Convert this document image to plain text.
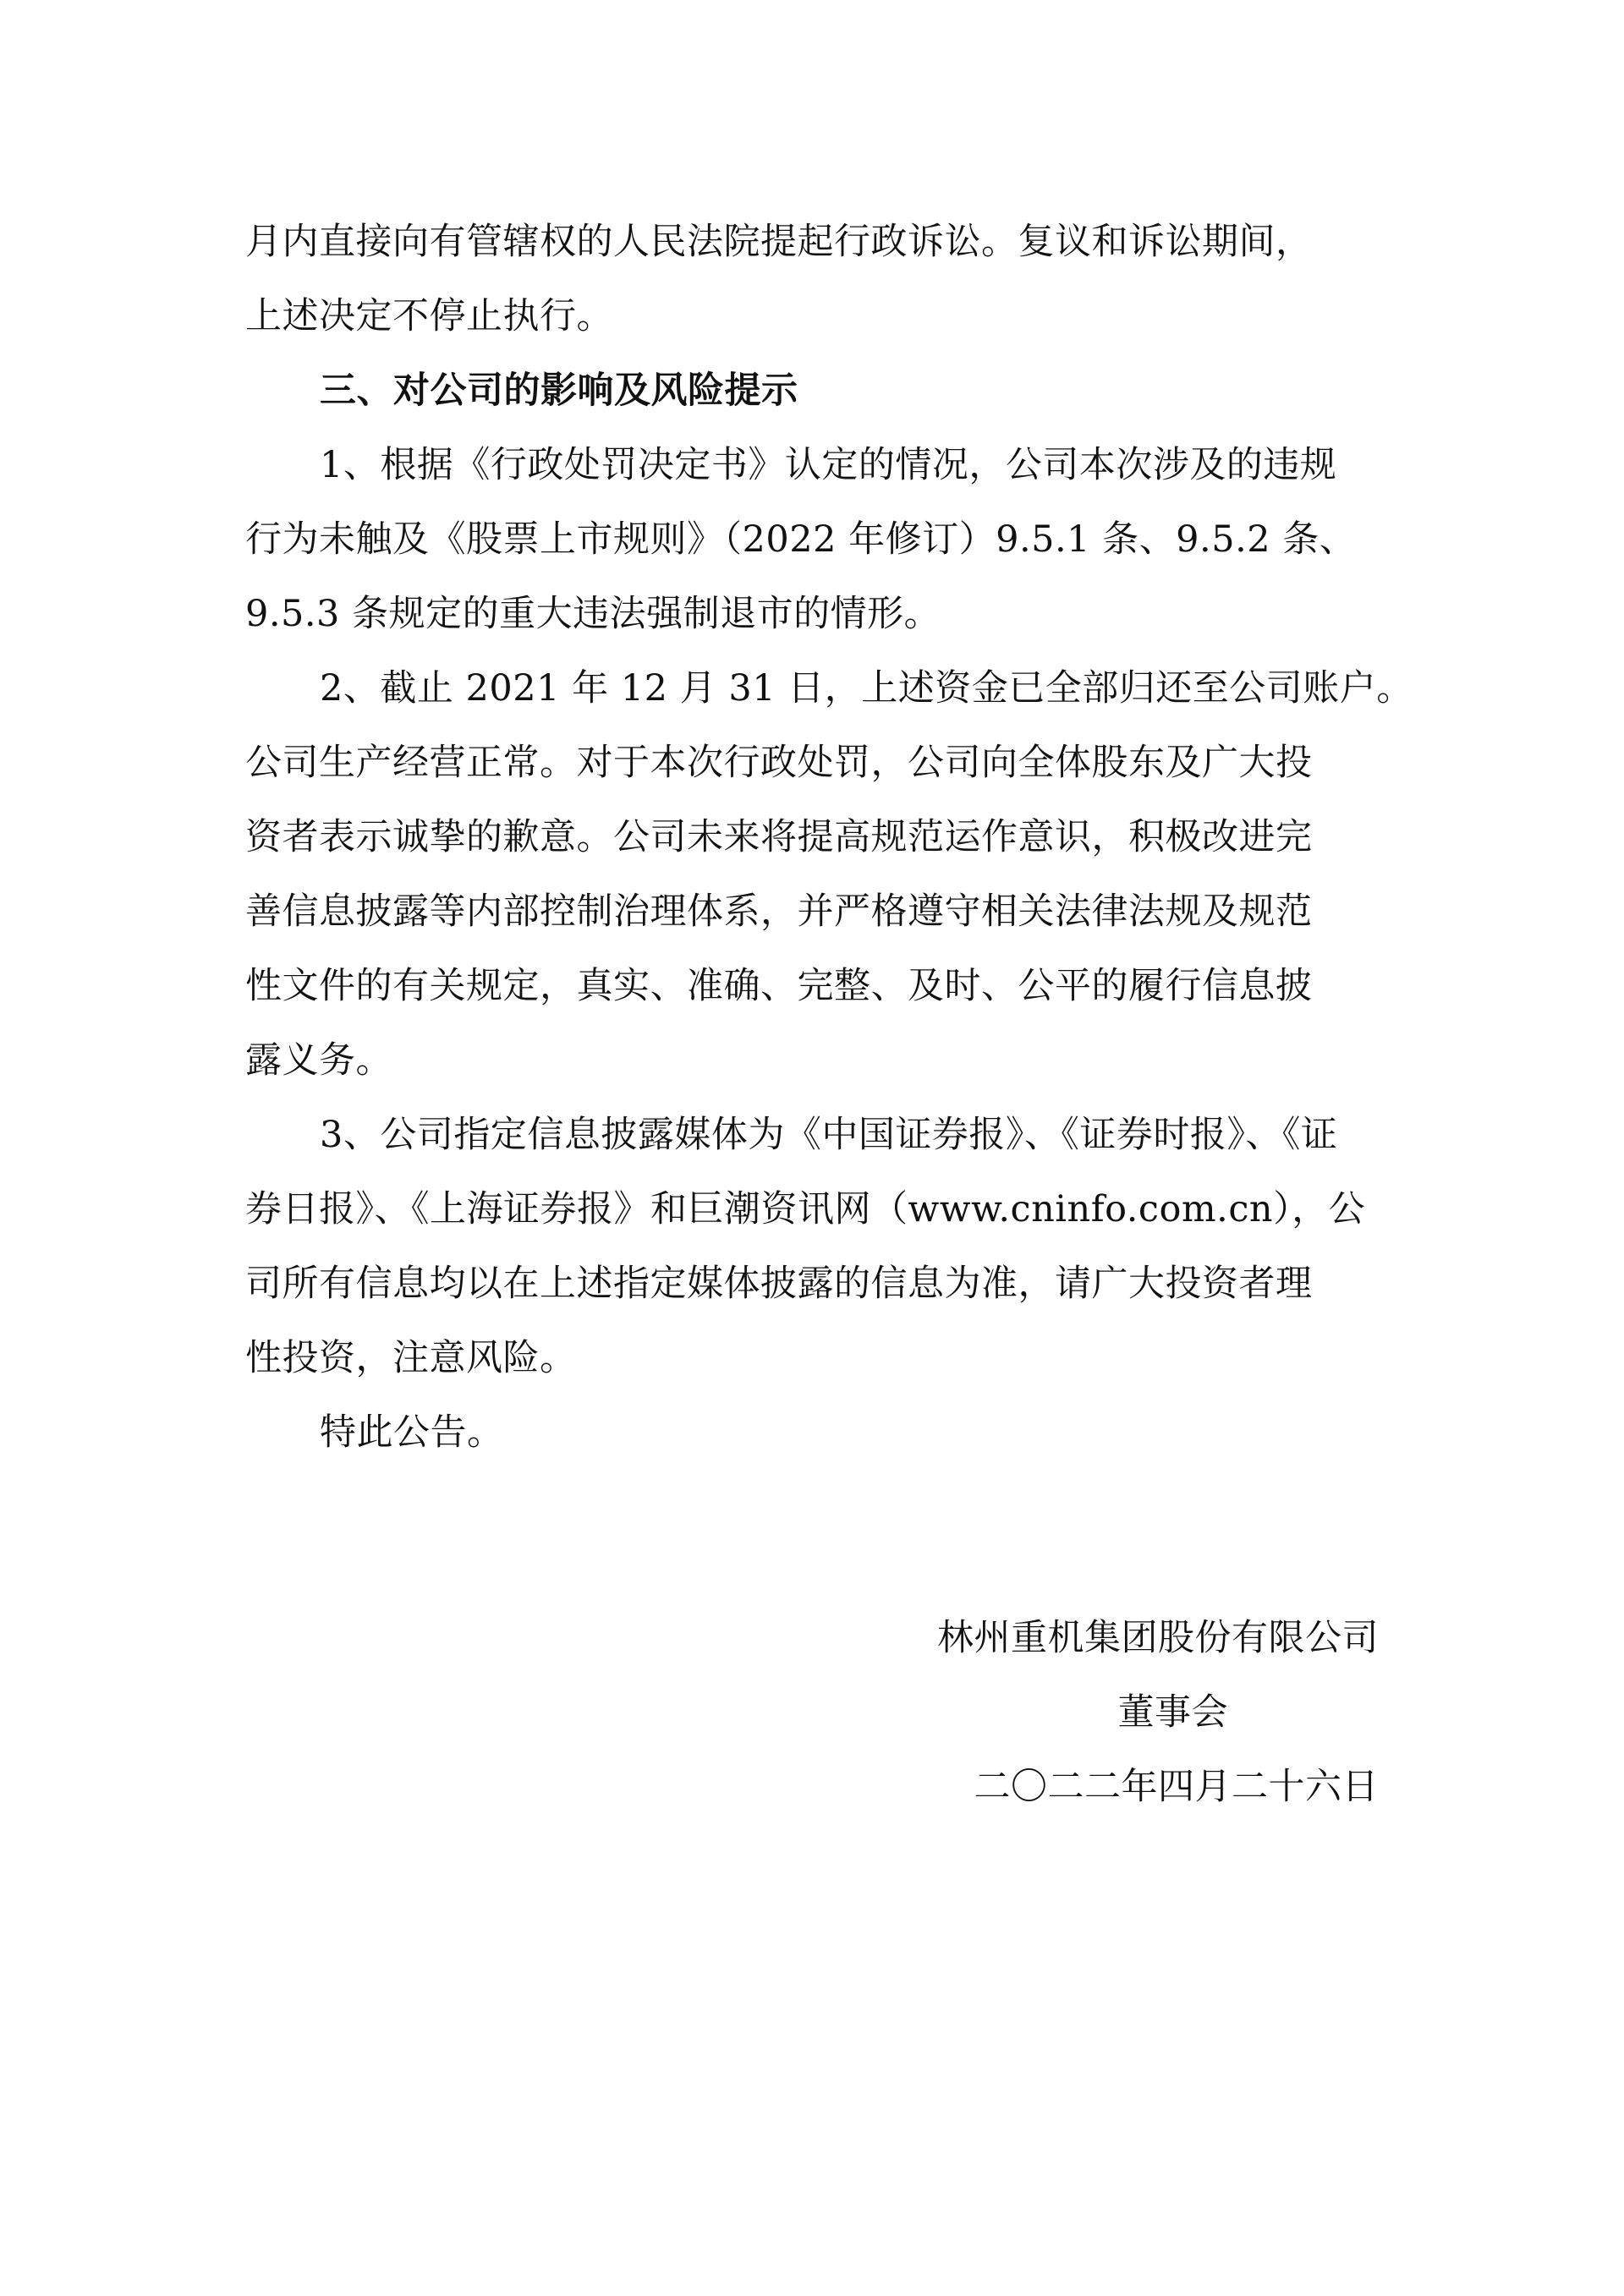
月内直接向有管辖权的人民法院提起行政诉讼。复议和诉讼期间，
上述决定不停止执行。
三、对公司的影响及风险提示
1、根据《行政处罚决定书》认定的情况，公司本次涉及的违规
行为未触及《股票上市规则》（2022 年修订）9.5.1 条、9.5.2 条、
9.5.3 条规定的重大违法强制退市的情形。
2、截止 2021 年 12 月 31 日，上述资金已全部归还至公司账户。
公司生产经营正常。对于本次行政处罚，公司向全体股东及广大投
资者表示诚挚的歉意。公司未来将提高规范运作意识，积极改进完
善信息披露等内部控制治理体系，并严格遵守相关法律法规及规范
性文件的有关规定，真实、准确、完整、及时、公平的履行信息披
露义务。
3、公司指定信息披露媒体为《中国证券报》、《证券时报》、《证
券日报》、《上海证券报》和巨潮资讯网（www.cninfo.com.cn），公
司所有信息均以在上述指定媒体披露的信息为准，请广大投资者理
性投资，注意风险。
特此公告。
林州重机集团股份有限公司
董事会
二〇二二年四月二十六日
